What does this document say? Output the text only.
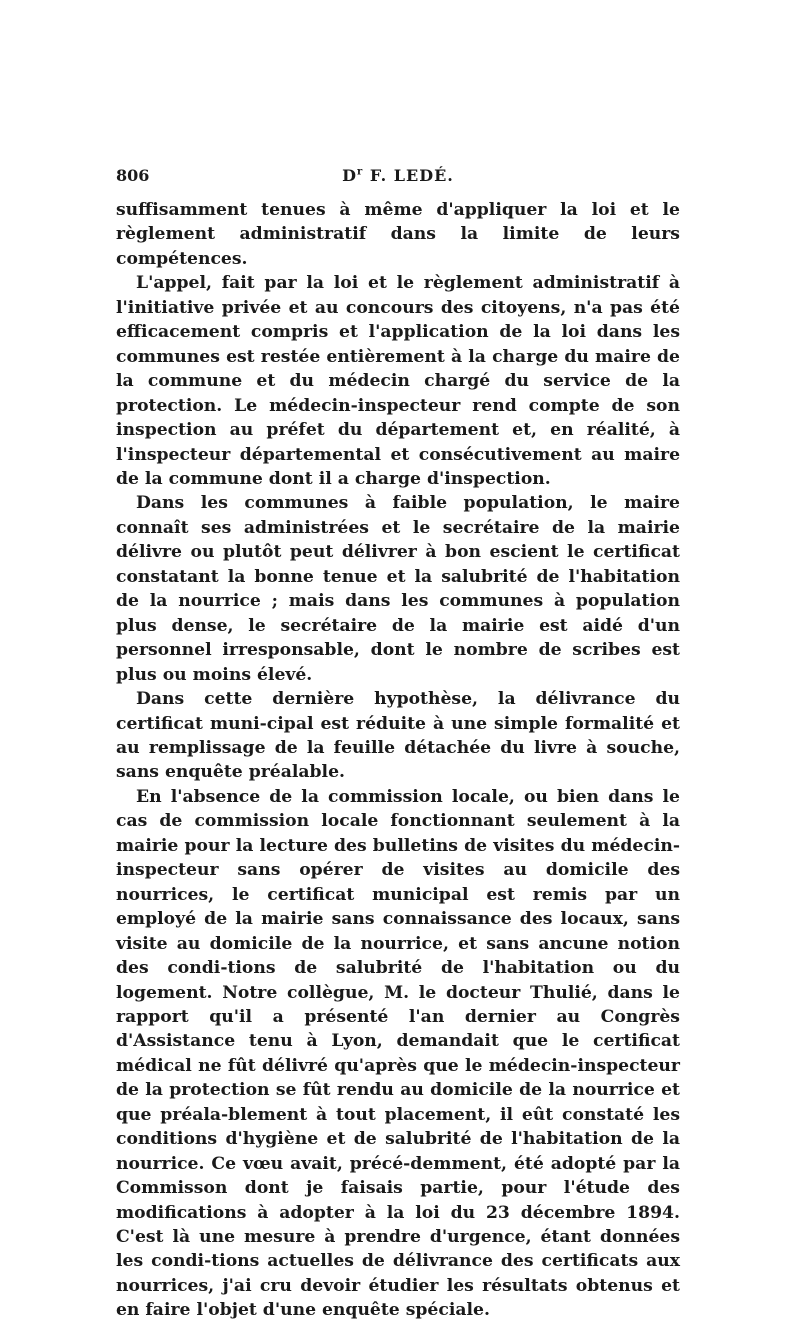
806	$D^r$ F. LEDÉ.

suffisamment tenues à même d'appliquer la loi et le règlement administratif dans la limite de leurs compétences.

L'appel, fait par la loi et le règlement administratif à l'initiative privée et au concours des citoyens, n'a pas été efficacement compris et l'application de la loi dans les communes est restée entièrement à la charge du maire de la commune et du médecin chargé du service de la protection. Le médecin-inspecteur rend compte de son inspection au préfet du département et, en réalité, à l'inspecteur départemental et consécutivement au maire de la commune dont il a charge d'inspection.

Dans les communes à faible population, le maire connaît ses administrées et le secrétaire de la mairie délivre ou plutôt peut délivrer à bon escient le certificat constatant la bonne tenue et la salubrité de l'habitation de la nourrice ; mais dans les communes à population plus dense, le secrétaire de la mairie est aidé d'un personnel irresponsable, dont le nombre de scribes est plus ou moins élevé.

Dans cette dernière hypothèse, la délivrance du certificat muni-cipal est réduite à une simple formalité et au remplissage de la feuille détachée du livre à souche, sans enquête préalable.

En l'absence de la commission locale, ou bien dans le cas de commission locale fonctionnant seulement à la mairie pour la lecture des bulletins de visites du médecin-inspecteur sans opérer de visites au domicile des nourrices, le certificat municipal est remis par un employé de la mairie sans connaissance des locaux, sans visite au domicile de la nourrice, et sans ancune notion des condi-tions de salubrité de l'habitation ou du logement. Notre collègue, M. le docteur Thulié, dans le rapport qu'il a présenté l'an dernier au Congrès d'Assistance tenu à Lyon, demandait que le certificat médical ne fût délivré qu'après que le médecin-inspecteur de la protection se fût rendu au domicile de la nourrice et que préala-blement à tout placement, il eût constaté les conditions d'hygiène et de salubrité de l'habitation de la nourrice. Ce vœu avait, précé-demment, été adopté par la Commisson dont je faisais partie, pour l'étude des modifications à adopter à la loi du 23 décembre 1894. C'est là une mesure à prendre d'urgence, étant données les condi-tions actuelles de délivrance des certificats aux nourrices, j'ai cru devoir étudier les résultats obtenus et en faire l'objet d'une enquête spéciale.
